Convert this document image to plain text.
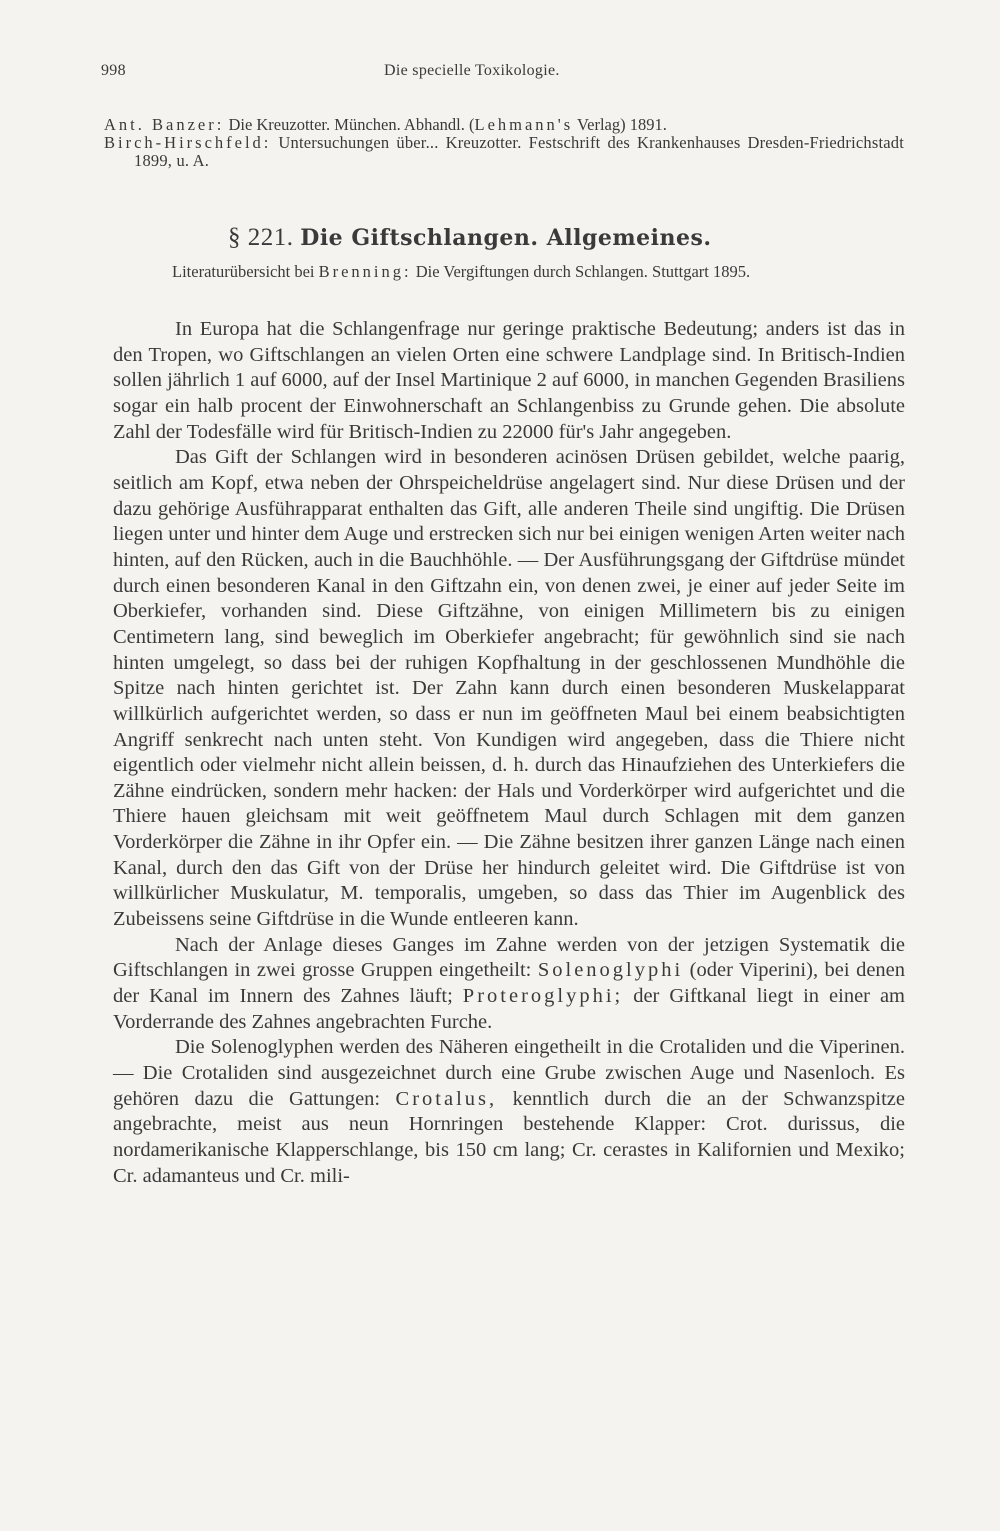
998	Die specielle Toxikologie.

Ant. Banzer: Die Kreuzotter. München. Abhandl. (Lehmann's Verlag) 1891.

Birch-Hirschfeld: Untersuchungen über... Kreuzotter. Festschrift des Krankenhauses Dresden-Friedrichstadt 1899, u. A.

§ 221. Die Giftschlangen. Allgemeines.

Literaturübersicht bei Brenning: Die Vergiftungen durch Schlangen. Stuttgart 1895.

In Europa hat die Schlangenfrage nur geringe praktische Bedeutung; anders ist das in den Tropen, wo Giftschlangen an vielen Orten eine schwere Landplage sind. In Britisch-Indien sollen jährlich 1 auf 6000, auf der Insel Martinique 2 auf 6000, in manchen Gegenden Brasiliens sogar ein halb procent der Einwohnerschaft an Schlangenbiss zu Grunde gehen. Die absolute Zahl der Todesfälle wird für Britisch-Indien zu 22000 für's Jahr angegeben.

Das Gift der Schlangen wird in besonderen acinösen Drüsen gebildet, welche paarig, seitlich am Kopf, etwa neben der Ohrspeicheldrüse angelagert sind. Nur diese Drüsen und der dazu gehörige Ausführapparat enthalten das Gift, alle anderen Theile sind ungiftig. Die Drüsen liegen unter und hinter dem Auge und erstrecken sich nur bei einigen wenigen Arten weiter nach hinten, auf den Rücken, auch in die Bauchhöhle. — Der Ausführungsgang der Giftdrüse mündet durch einen besonderen Kanal in den Giftzahn ein, von denen zwei, je einer auf jeder Seite im Oberkiefer, vorhanden sind. Diese Giftzähne, von einigen Millimetern bis zu einigen Centimetern lang, sind beweglich im Oberkiefer angebracht; für gewöhnlich sind sie nach hinten umgelegt, so dass bei der ruhigen Kopfhaltung in der geschlossenen Mundhöhle die Spitze nach hinten gerichtet ist. Der Zahn kann durch einen besonderen Muskelapparat willkürlich aufgerichtet werden, so dass er nun im geöffneten Maul bei einem beabsichtigten Angriff senkrecht nach unten steht. Von Kundigen wird angegeben, dass die Thiere nicht eigentlich oder vielmehr nicht allein beissen, d. h. durch das Hinaufziehen des Unterkiefers die Zähne eindrücken, sondern mehr hacken: der Hals und Vorderkörper wird aufgerichtet und die Thiere hauen gleichsam mit weit geöffnetem Maul durch Schlagen mit dem ganzen Vorderkörper die Zähne in ihr Opfer ein. — Die Zähne besitzen ihrer ganzen Länge nach einen Kanal, durch den das Gift von der Drüse her hindurch geleitet wird. Die Giftdrüse ist von willkürlicher Muskulatur, M. temporalis, umgeben, so dass das Thier im Augenblick des Zubeissens seine Giftdrüse in die Wunde entleeren kann.

Nach der Anlage dieses Ganges im Zahne werden von der jetzigen Systematik die Giftschlangen in zwei grosse Gruppen eingetheilt: Solenoglyphi (oder Viperini), bei denen der Kanal im Innern des Zahnes läuft; Proteroglyphi; der Giftkanal liegt in einer am Vorderrande des Zahnes angebrachten Furche.

Die Solenoglyphen werden des Näheren eingetheilt in die Crotaliden und die Viperinen. — Die Crotaliden sind ausgezeichnet durch eine Grube zwischen Auge und Nasenloch. Es gehören dazu die Gattungen: Crotalus, kenntlich durch die an der Schwanzspitze angebrachte, meist aus neun Hornringen bestehende Klapper: Crot. durissus, die nordamerikanische Klapperschlange, bis 150 cm lang; Cr. cerastes in Kalifornien und Mexiko; Cr. adamanteus und Cr. mili-
